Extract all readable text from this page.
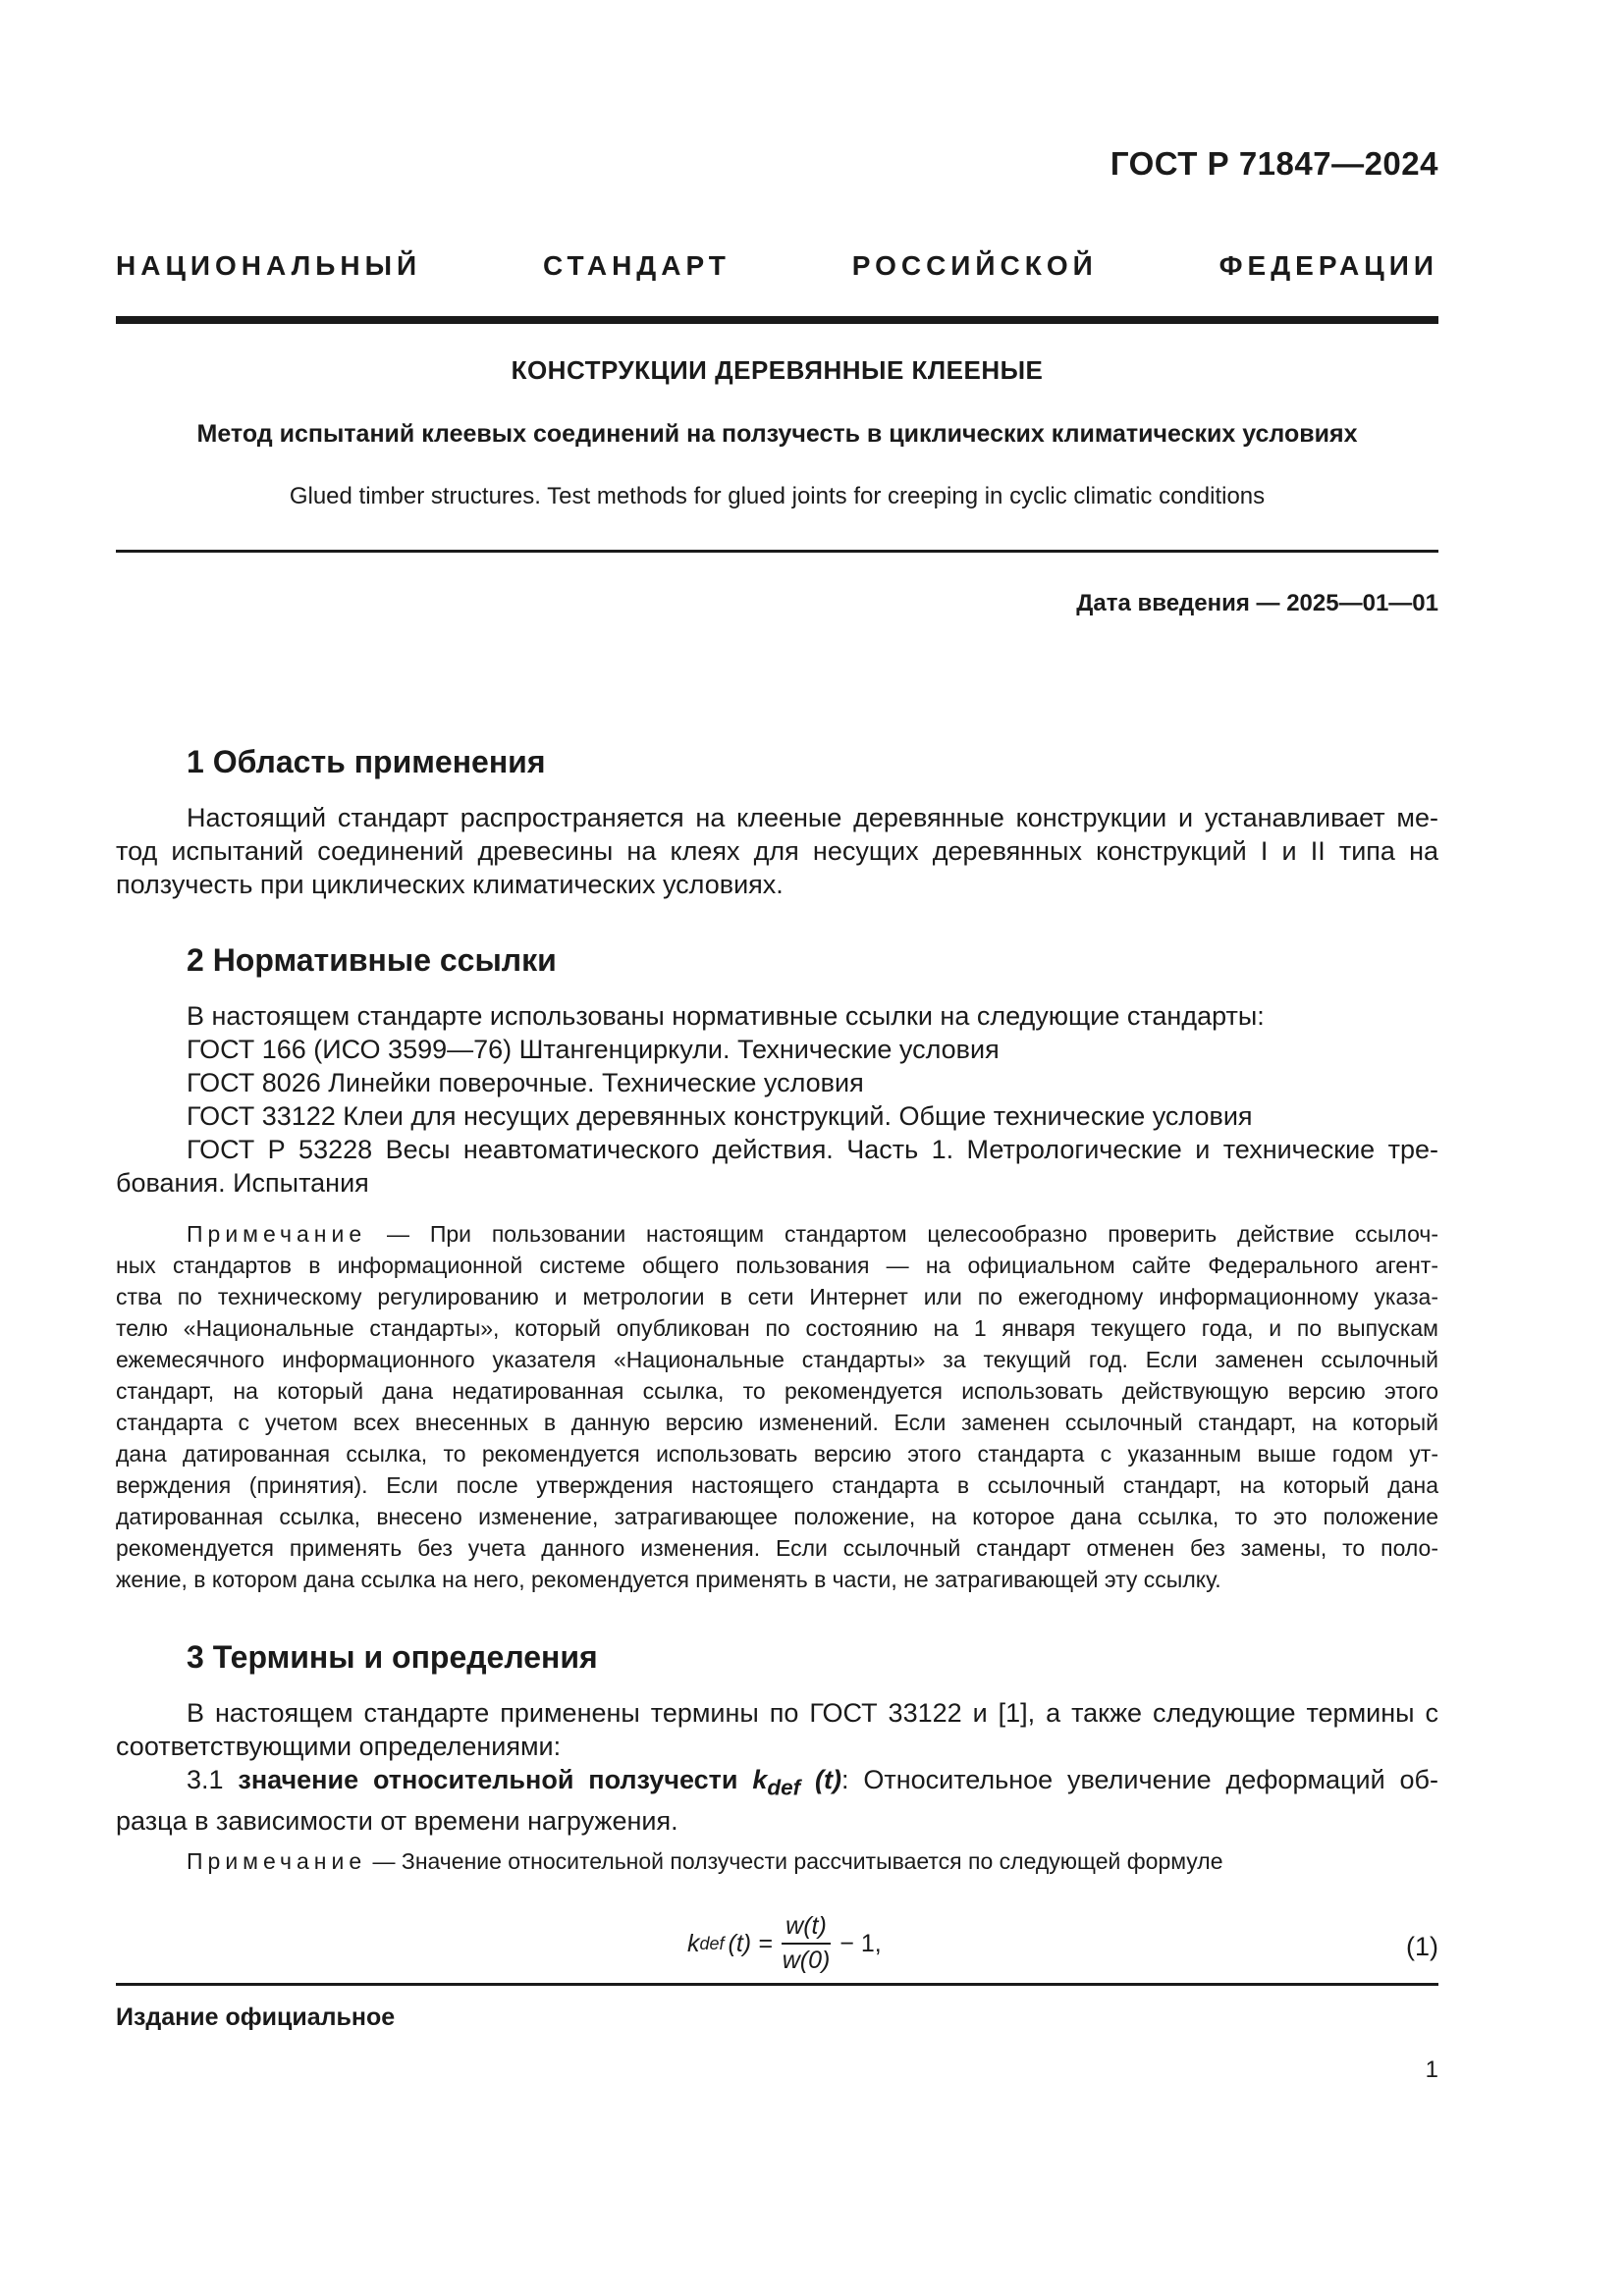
ГОСТ Р 71847—2024
НАЦИОНАЛЬНЫЙ	СТАНДАРТ	РОССИЙСКОЙ	ФЕДЕРАЦИИ
КОНСТРУКЦИИ ДЕРЕВЯННЫЕ КЛЕЕНЫЕ
Метод испытаний клеевых соединений на ползучесть в циклических климатических условиях
Glued timber structures. Test methods for glued joints for creeping in cyclic climatic conditions
Дата введения — 2025—01—01
1 Область применения
Настоящий стандарт распространяется на клееные деревянные конструкции и устанавливает ме-
тод испытаний соединений древесины на клеях для несущих деревянных конструкций I и II типа на
ползучесть при циклических климатических условиях.
2 Нормативные ссылки
В настоящем стандарте использованы нормативные ссылки на следующие стандарты:
ГОСТ 166 (ИСО 3599—76) Штангенциркули. Технические условия
ГОСТ 8026 Линейки поверочные. Технические условия
ГОСТ 33122 Клеи для несущих деревянных конструкций. Общие технические условия
ГОСТ Р 53228 Весы неавтоматического действия. Часть 1. Метрологические и технические тре-
бования. Испытания
Примечание — При пользовании настоящим стандартом целесообразно проверить действие ссылоч-
ных стандартов в информационной системе общего пользования — на официальном сайте Федерального агент-
ства по техническому регулированию и метрологии в сети Интернет или по ежегодному информационному указа-
телю «Национальные стандарты», который опубликован по состоянию на 1 января текущего года, и по выпускам
ежемесячного информационного указателя «Национальные стандарты» за текущий год. Если заменен ссылочный
стандарт, на который дана недатированная ссылка, то рекомендуется использовать действующую версию этого
стандарта с учетом всех внесенных в данную версию изменений. Если заменен ссылочный стандарт, на который
дана датированная ссылка, то рекомендуется использовать версию этого стандарта с указанным выше годом ут-
верждения (принятия). Если после утверждения настоящего стандарта в ссылочный стандарт, на который дана
датированная ссылка, внесено изменение, затрагивающее положение, на которое дана ссылка, то это положение
рекомендуется применять без учета данного изменения. Если ссылочный стандарт отменен без замены, то поло-
жение, в котором дана ссылка на него, рекомендуется применять в части, не затрагивающей эту ссылку.
3 Термины и определения
В настоящем стандарте применены термины по ГОСТ 33122 и [1], а также следующие термины с
соответствующими определениями:
3.1 значение относительной ползучести $k_{def}$ (t): Относительное увеличение деформаций об-
разца в зависимости от времени нагружения.
Примечание — Значение относительной ползучести рассчитывается по следующей формуле
k def $(t) = \frac{w(t)}{w(0)} - 1$,	(1)
Издание официальное
1
